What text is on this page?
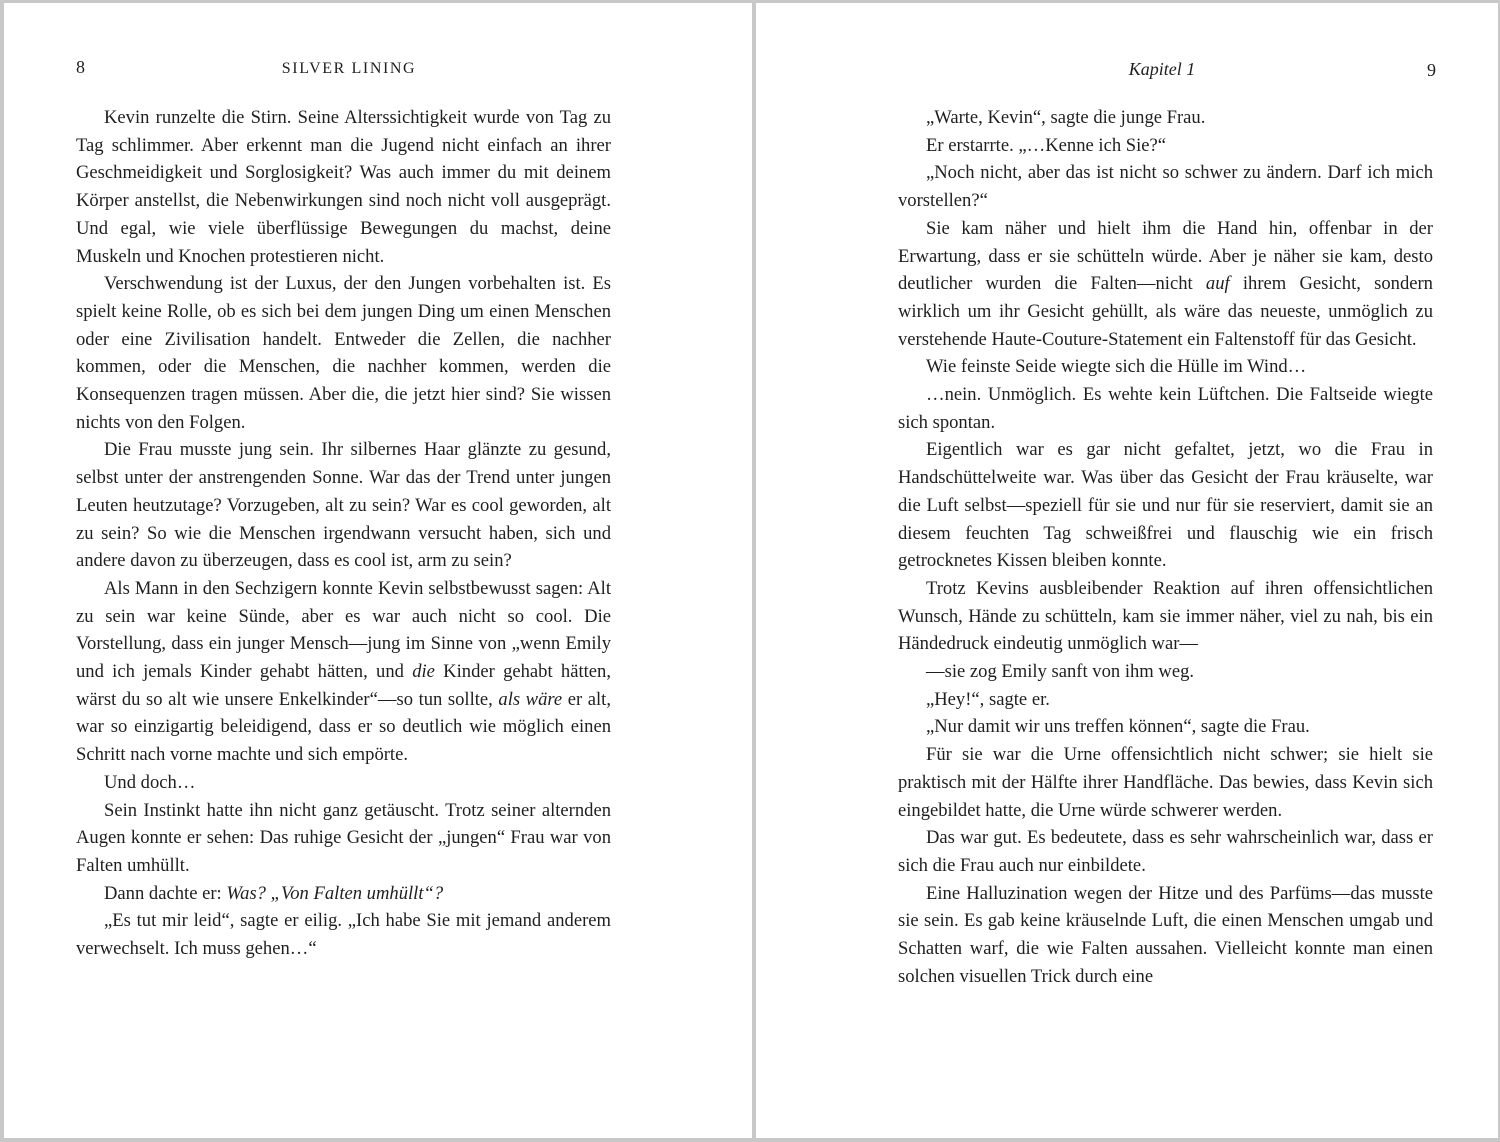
8	SILVER LINING

Kevin runzelte die Stirn. Seine Alterssichtigkeit wurde von Tag zu Tag schlimmer. Aber erkennt man die Jugend nicht einfach an ihrer Geschmeidigkeit und Sorglosigkeit? Was auch immer du mit deinem Körper anstellst, die Nebenwirkungen sind noch nicht voll ausgeprägt. Und egal, wie viele überflüssige Bewegungen du machst, deine Muskeln und Knochen protestieren nicht.

Verschwendung ist der Luxus, der den Jungen vorbehalten ist. Es spielt keine Rolle, ob es sich bei dem jungen Ding um einen Menschen oder eine Zivilisation handelt. Entweder die Zellen, die nachher kommen, oder die Menschen, die nachher kommen, werden die Konsequenzen tragen müssen. Aber die, die jetzt hier sind? Sie wissen nichts von den Folgen.

Die Frau musste jung sein. Ihr silbernes Haar glänzte zu gesund, selbst unter der anstrengenden Sonne. War das der Trend unter jungen Leuten heutzutage? Vorzugeben, alt zu sein? War es cool geworden, alt zu sein? So wie die Menschen irgendwann versucht haben, sich und andere davon zu überzeugen, dass es cool ist, arm zu sein?

Als Mann in den Sechzigern konnte Kevin selbstbewusst sagen: Alt zu sein war keine Sünde, aber es war auch nicht so cool. Die Vorstellung, dass ein junger Mensch—jung im Sinne von „wenn Emily und ich jemals Kinder gehabt hätten, und die Kinder gehabt hätten, wärst du so alt wie unsere Enkelkinder“—so tun sollte, als wäre er alt, war so einzigartig beleidigend, dass er so deutlich wie möglich einen Schritt nach vorne machte und sich empörte.

Und doch…

Sein Instinkt hatte ihn nicht ganz getäuscht. Trotz seiner alternden Augen konnte er sehen: Das ruhige Gesicht der „jungen“ Frau war von Falten umhüllt.

Dann dachte er: Was? „Von Falten umhüllt“?

„Es tut mir leid“, sagte er eilig. „Ich habe Sie mit jemand anderem verwechselt. Ich muss gehen…“

Kapitel 1	9

„Warte, Kevin“, sagte die junge Frau.

Er erstarrte. „…Kenne ich Sie?“

„Noch nicht, aber das ist nicht so schwer zu ändern. Darf ich mich vorstellen?“

Sie kam näher und hielt ihm die Hand hin, offenbar in der Erwartung, dass er sie schütteln würde. Aber je näher sie kam, desto deutlicher wurden die Falten—nicht auf ihrem Gesicht, sondern wirklich um ihr Gesicht gehüllt, als wäre das neueste, unmöglich zu verstehende Haute-Couture-Statement ein Faltenstoff für das Gesicht.

Wie feinste Seide wiegte sich die Hülle im Wind…

…nein. Unmöglich. Es wehte kein Lüftchen. Die Faltseide wiegte sich spontan.

Eigentlich war es gar nicht gefaltet, jetzt, wo die Frau in Handschüttelweite war. Was über das Gesicht der Frau kräuselte, war die Luft selbst—speziell für sie und nur für sie reserviert, damit sie an diesem feuchten Tag schweißfrei und flauschig wie ein frisch getrocknetes Kissen bleiben konnte.

Trotz Kevins ausbleibender Reaktion auf ihren offensichtlichen Wunsch, Hände zu schütteln, kam sie immer näher, viel zu nah, bis ein Händedruck eindeutig unmöglich war—

—sie zog Emily sanft von ihm weg.

„Hey!“, sagte er.

„Nur damit wir uns treffen können“, sagte die Frau.

Für sie war die Urne offensichtlich nicht schwer; sie hielt sie praktisch mit der Hälfte ihrer Handfläche. Das bewies, dass Kevin sich eingebildet hatte, die Urne würde schwerer werden.

Das war gut. Es bedeutete, dass es sehr wahrscheinlich war, dass er sich die Frau auch nur einbildete.

Eine Halluzination wegen der Hitze und des Parfüms—das musste sie sein. Es gab keine kräuselnde Luft, die einen Menschen umgab und Schatten warf, die wie Falten aussahen. Vielleicht konnte man einen solchen visuellen Trick durch eine
